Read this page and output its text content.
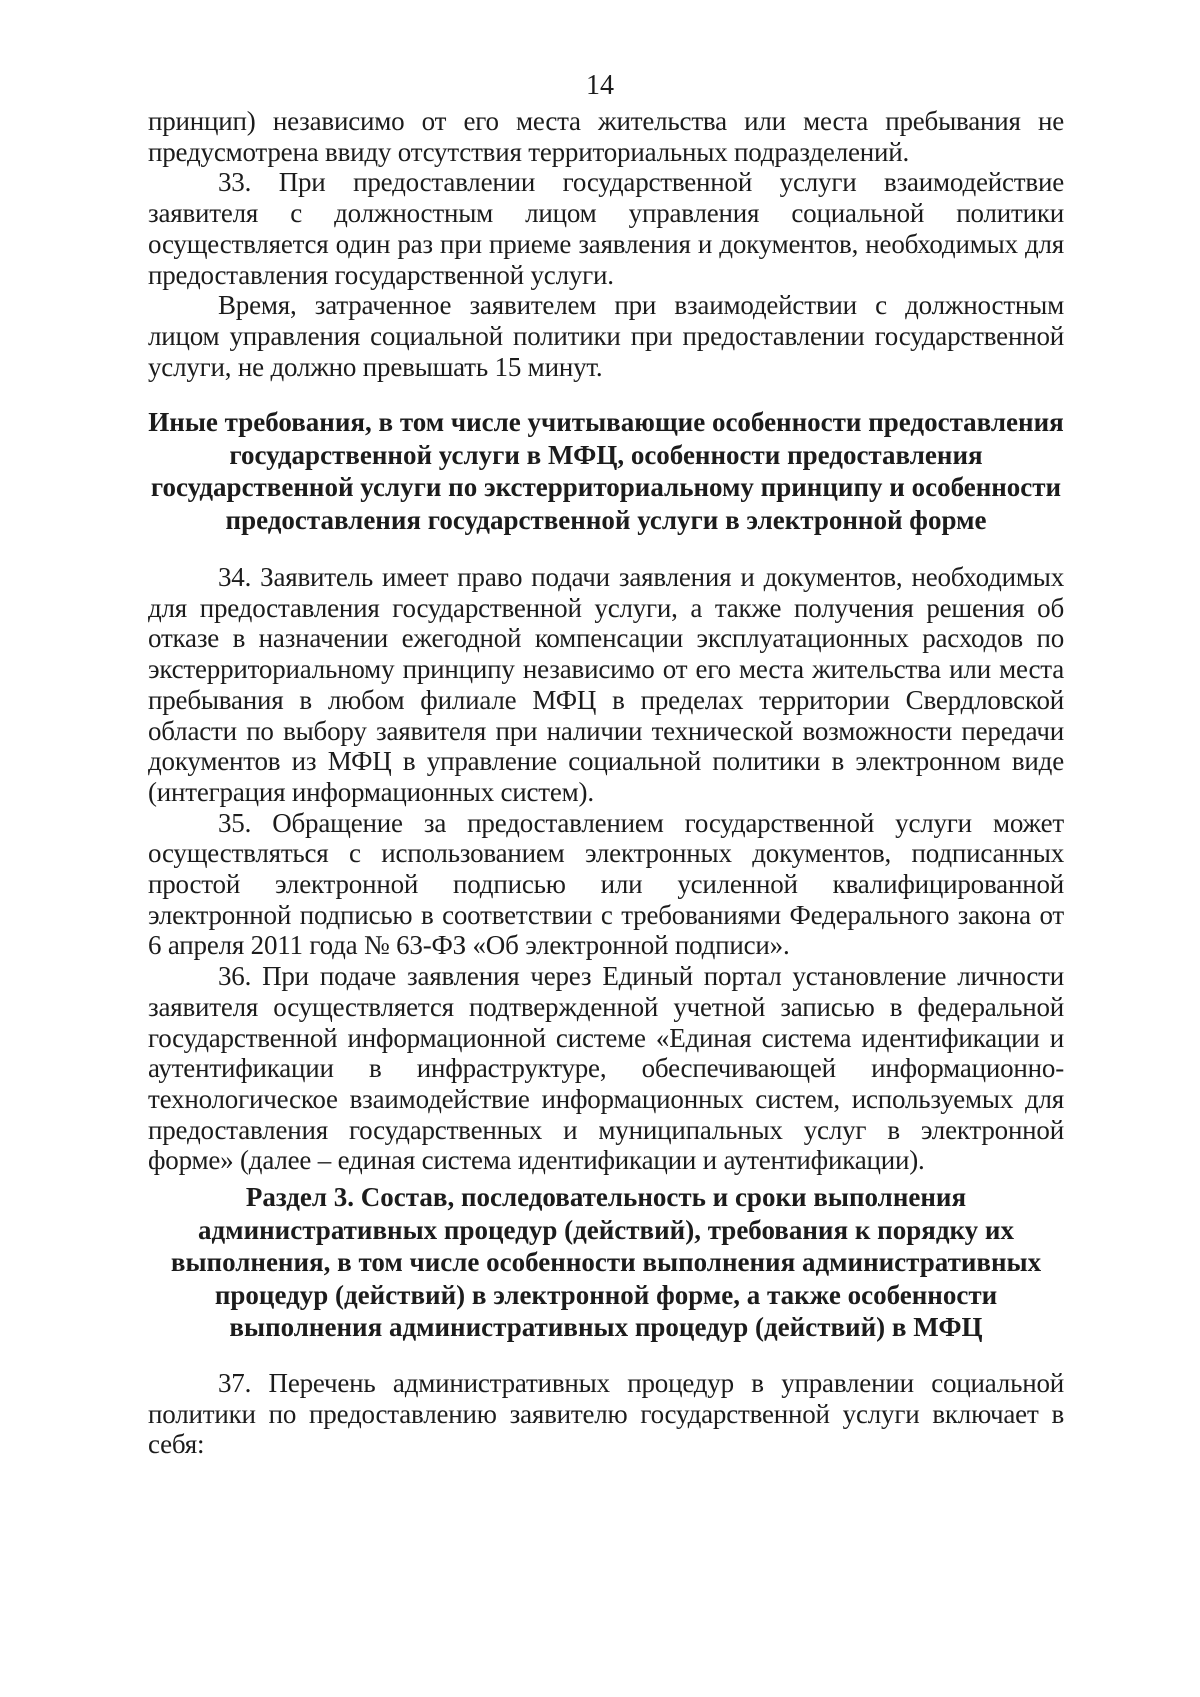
14

принцип) независимо от его места жительства или места пребывания не предусмотрена ввиду отсутствия территориальных подразделений.

33. При предоставлении государственной услуги взаимодействие заявителя с должностным лицом управления социальной политики осуществляется один раз при приеме заявления и документов, необходимых для предоставления государственной услуги.

Время, затраченное заявителем при взаимодействии с должностным лицом управления социальной политики при предоставлении государственной услуги, не должно превышать 15 минут.

Иные требования, в том числе учитывающие особенности предоставления государственной услуги в МФЦ, особенности предоставления государственной услуги по экстерриториальному принципу и особенности предоставления государственной услуги в электронной форме

34. Заявитель имеет право подачи заявления и документов, необходимых для предоставления государственной услуги, а также получения решения об отказе в назначении ежегодной компенсации эксплуатационных расходов по экстерриториальному принципу независимо от его места жительства или места пребывания в любом филиале МФЦ в пределах территории Свердловской области по выбору заявителя при наличии технической возможности передачи документов из МФЦ в управление социальной политики в электронном виде (интеграция информационных систем).

35. Обращение за предоставлением государственной услуги может осуществляться с использованием электронных документов, подписанных простой электронной подписью или усиленной квалифицированной электронной подписью в соответствии с требованиями Федерального закона от 6 апреля 2011 года № 63-ФЗ «Об электронной подписи».

36. При подаче заявления через Единый портал установление личности заявителя осуществляется подтвержденной учетной записью в федеральной государственной информационной системе «Единая система идентификации и аутентификации в инфраструктуре, обеспечивающей информационно-технологическое взаимодействие информационных систем, используемых для предоставления государственных и муниципальных услуг в электронной форме» (далее – единая система идентификации и аутентификации).

Раздел 3. Состав, последовательность и сроки выполнения административных процедур (действий), требования к порядку их выполнения, в том числе особенности выполнения административных процедур (действий) в электронной форме, а также особенности выполнения административных процедур (действий) в МФЦ

37. Перечень административных процедур в управлении социальной политики по предоставлению заявителю государственной услуги включает в себя:
